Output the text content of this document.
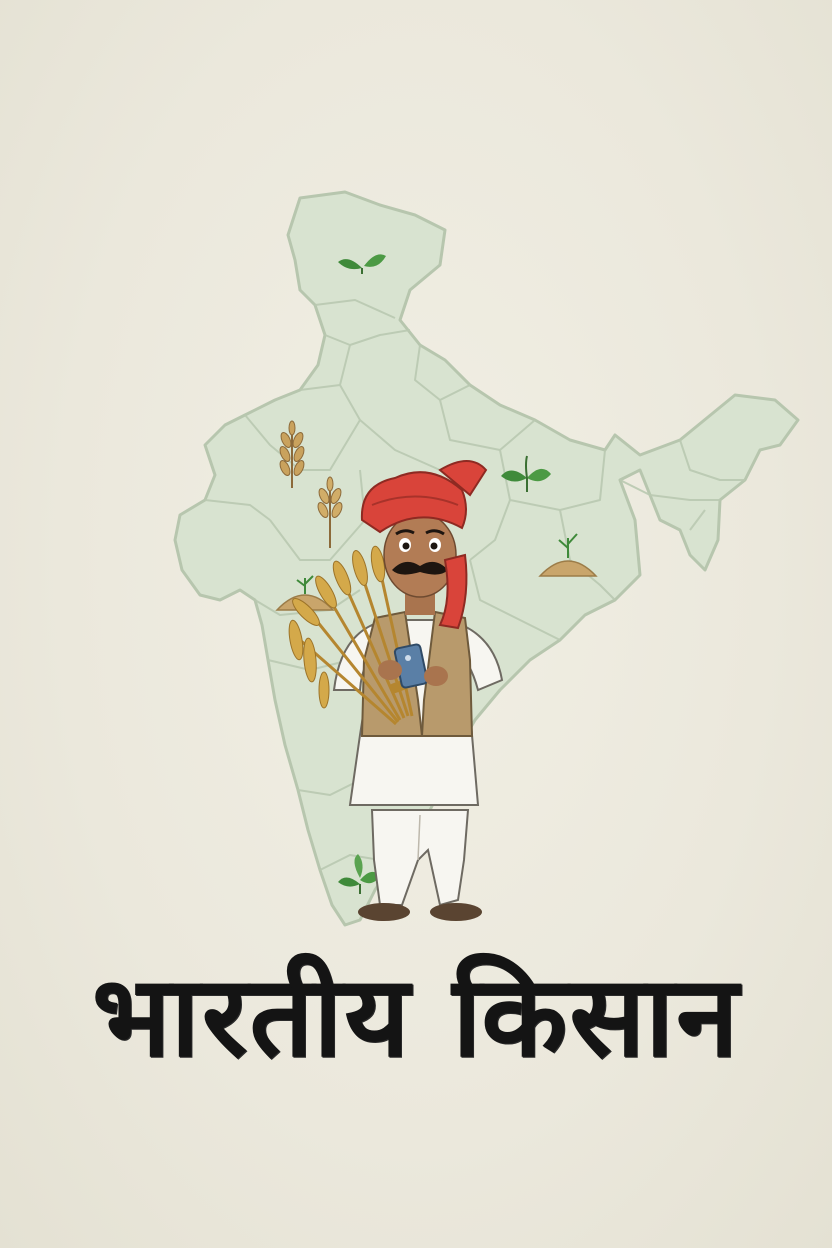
भारतीय किसान
